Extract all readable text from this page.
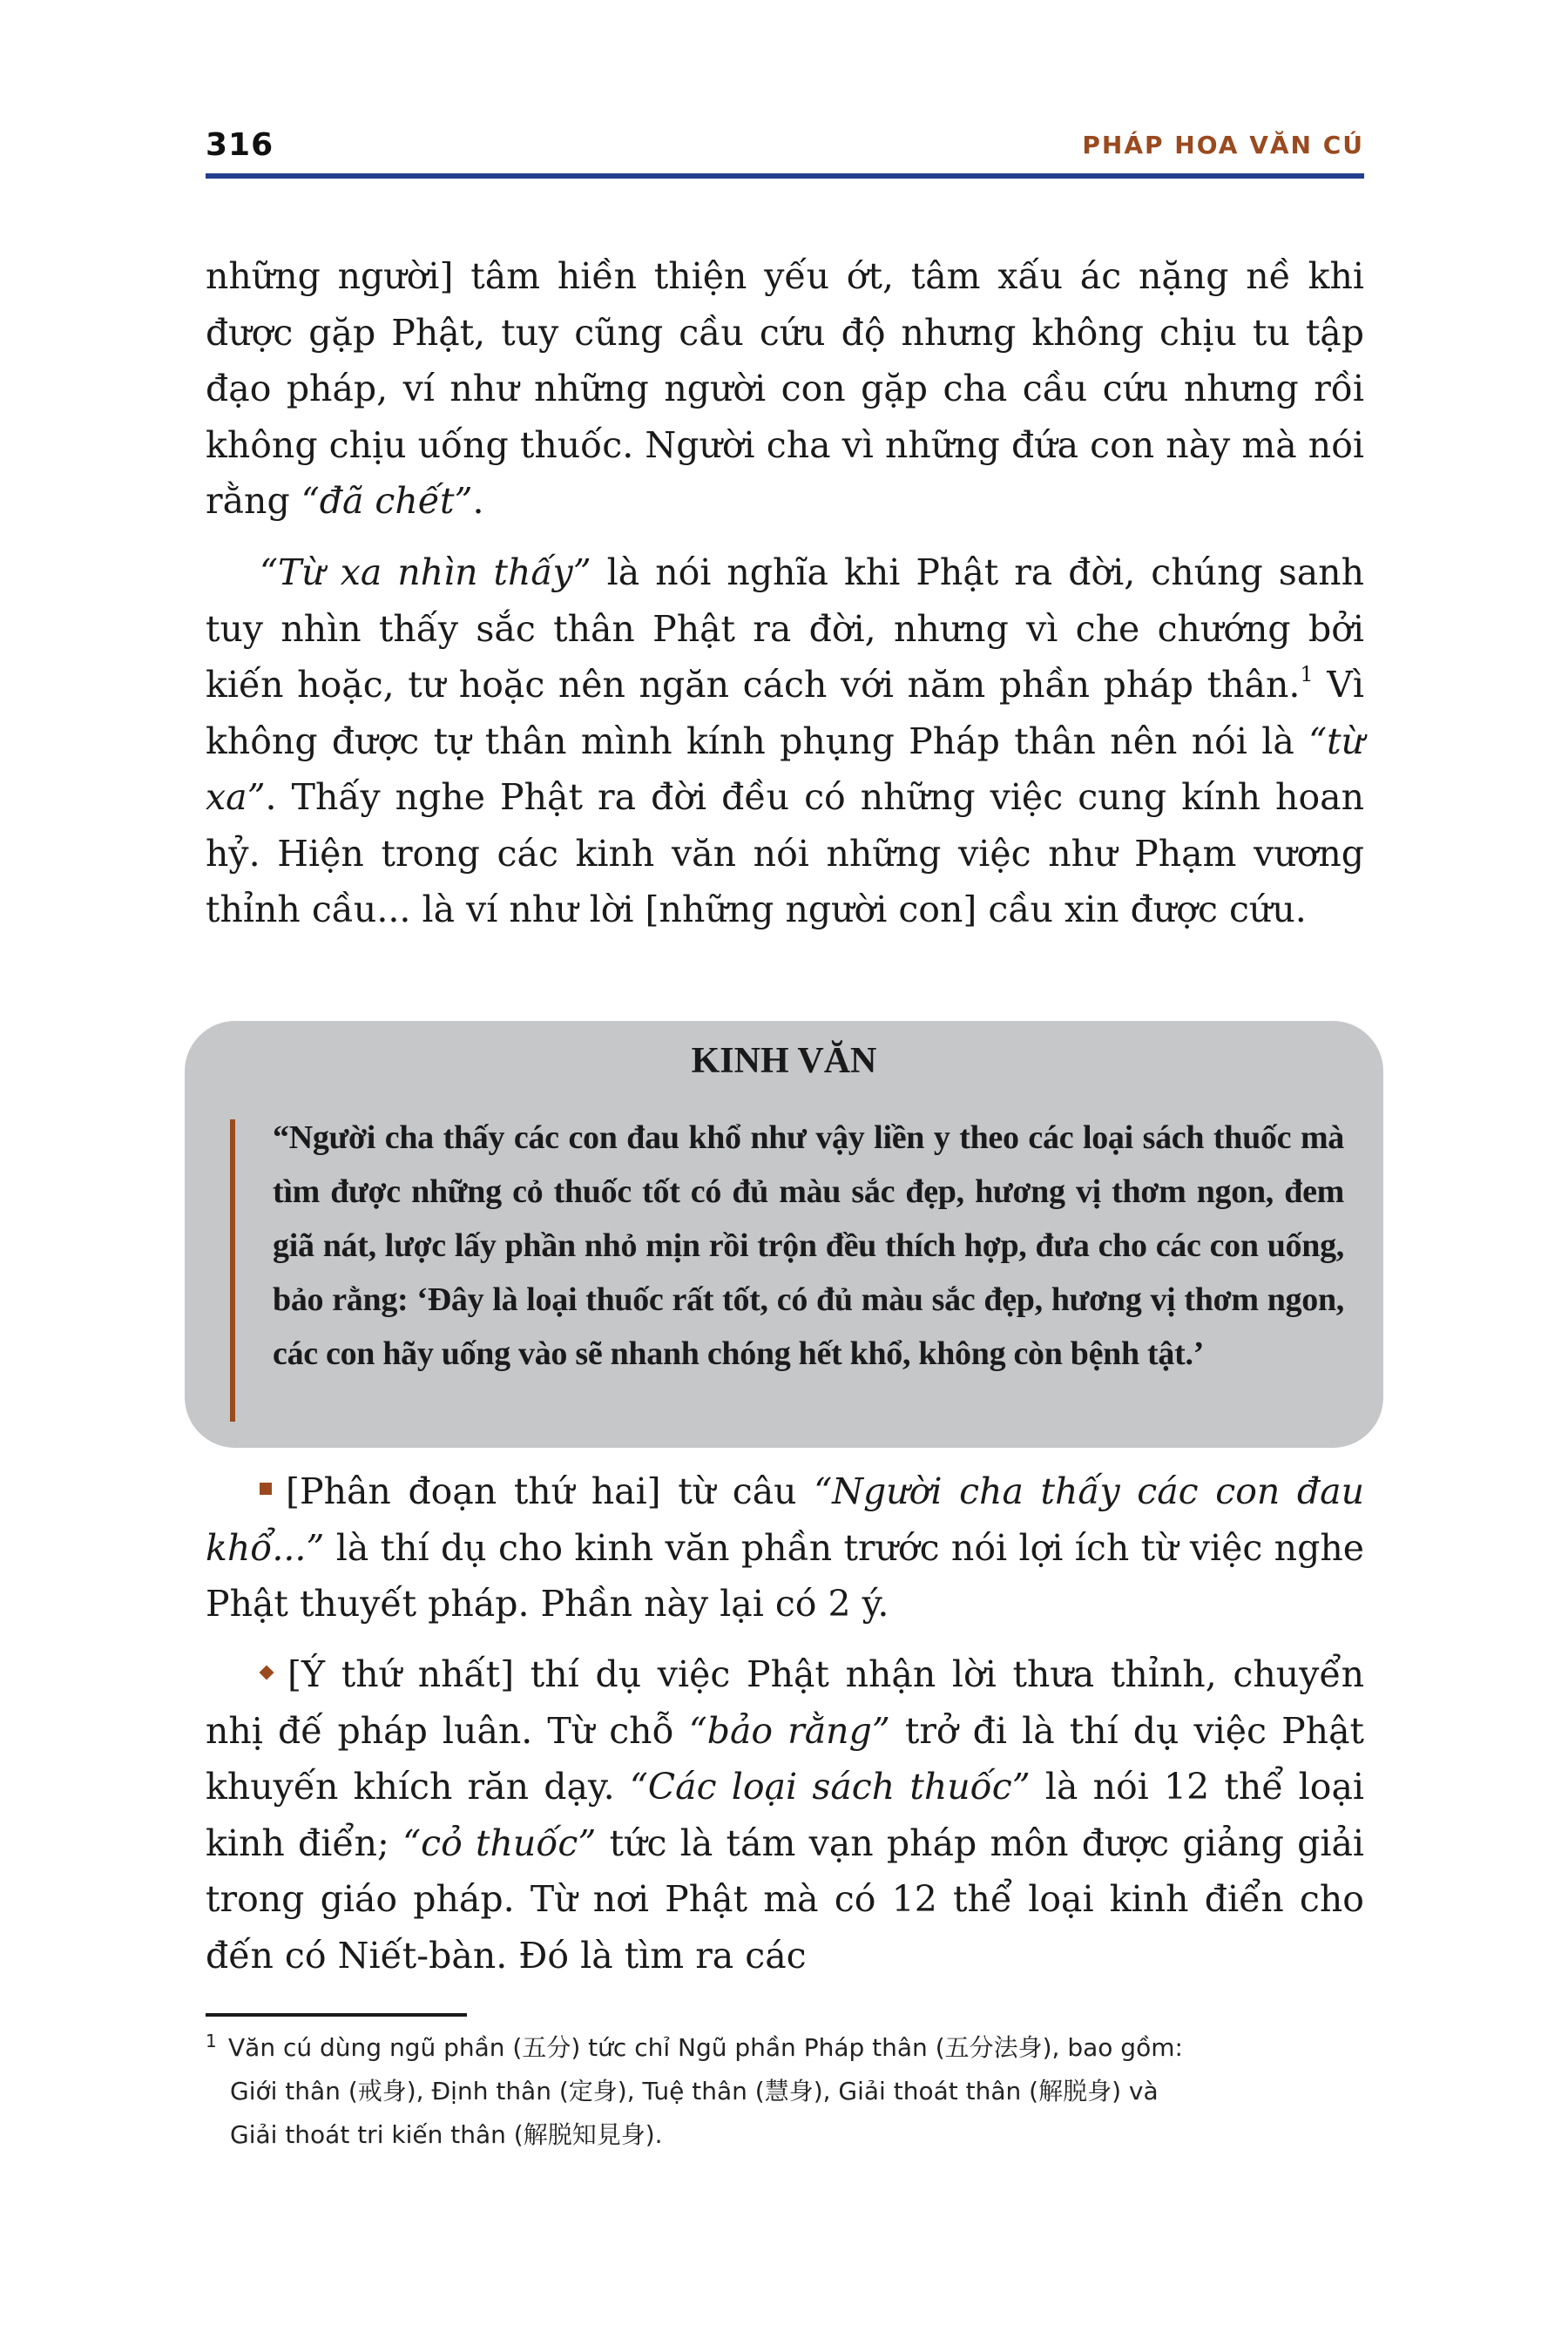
316	PHÁP HOA VĂN CÚ

những người] tâm hiền thiện yếu ớt, tâm xấu ác nặng nề khi được gặp Phật, tuy cũng cầu cứu độ nhưng không chịu tu tập đạo pháp, ví như những người con gặp cha cầu cứu nhưng rồi không chịu uống thuốc. Người cha vì những đứa con này mà nói rằng “đã chết”.

“Từ xa nhìn thấy” là nói nghĩa khi Phật ra đời, chúng sanh tuy nhìn thấy sắc thân Phật ra đời, nhưng vì che chướng bởi kiến hoặc, tư hoặc nên ngăn cách với năm phần pháp thân.$^1$ Vì không được tự thân mình kính phụng Pháp thân nên nói là “từ xa”. Thấy nghe Phật ra đời đều có những việc cung kính hoan hỷ. Hiện trong các kinh văn nói những việc như Phạm vương thỉnh cầu... là ví như lời [những người con] cầu xin được cứu.

KINH VĂN
“Người cha thấy các con đau khổ như vậy liền y theo các loại sách thuốc mà tìm được những cỏ thuốc tốt có đủ màu sắc đẹp, hương vị thơm ngon, đem giã nát, lược lấy phần nhỏ mịn rồi trộn đều thích hợp, đưa cho các con uống, bảo rằng: ‘Đây là loại thuốc rất tốt, có đủ màu sắc đẹp, hương vị thơm ngon, các con hãy uống vào sẽ nhanh chóng hết khổ, không còn bệnh tật.’

[Phân đoạn thứ hai] từ câu “Người cha thấy các con đau khổ...” là thí dụ cho kinh văn phần trước nói lợi ích từ việc nghe Phật thuyết pháp. Phần này lại có 2 ý.

[Ý thứ nhất] thí dụ việc Phật nhận lời thưa thỉnh, chuyển nhị đế pháp luân. Từ chỗ “bảo rằng” trở đi là thí dụ việc Phật khuyến khích răn dạy. “Các loại sách thuốc” là nói 12 thể loại kinh điển; “cỏ thuốc” tức là tám vạn pháp môn được giảng giải trong giáo pháp. Từ nơi Phật mà có 12 thể loại kinh điển cho đến có Niết-bàn. Đó là tìm ra các

1 Văn cú dùng ngũ phần (五分) tức chỉ Ngũ phần Pháp thân (五分法身), bao gồm:
Giới thân (戒身), Định thân (定身), Tuệ thân (慧身), Giải thoát thân (解脱身) và
Giải thoát tri kiến thân (解脱知見身).
